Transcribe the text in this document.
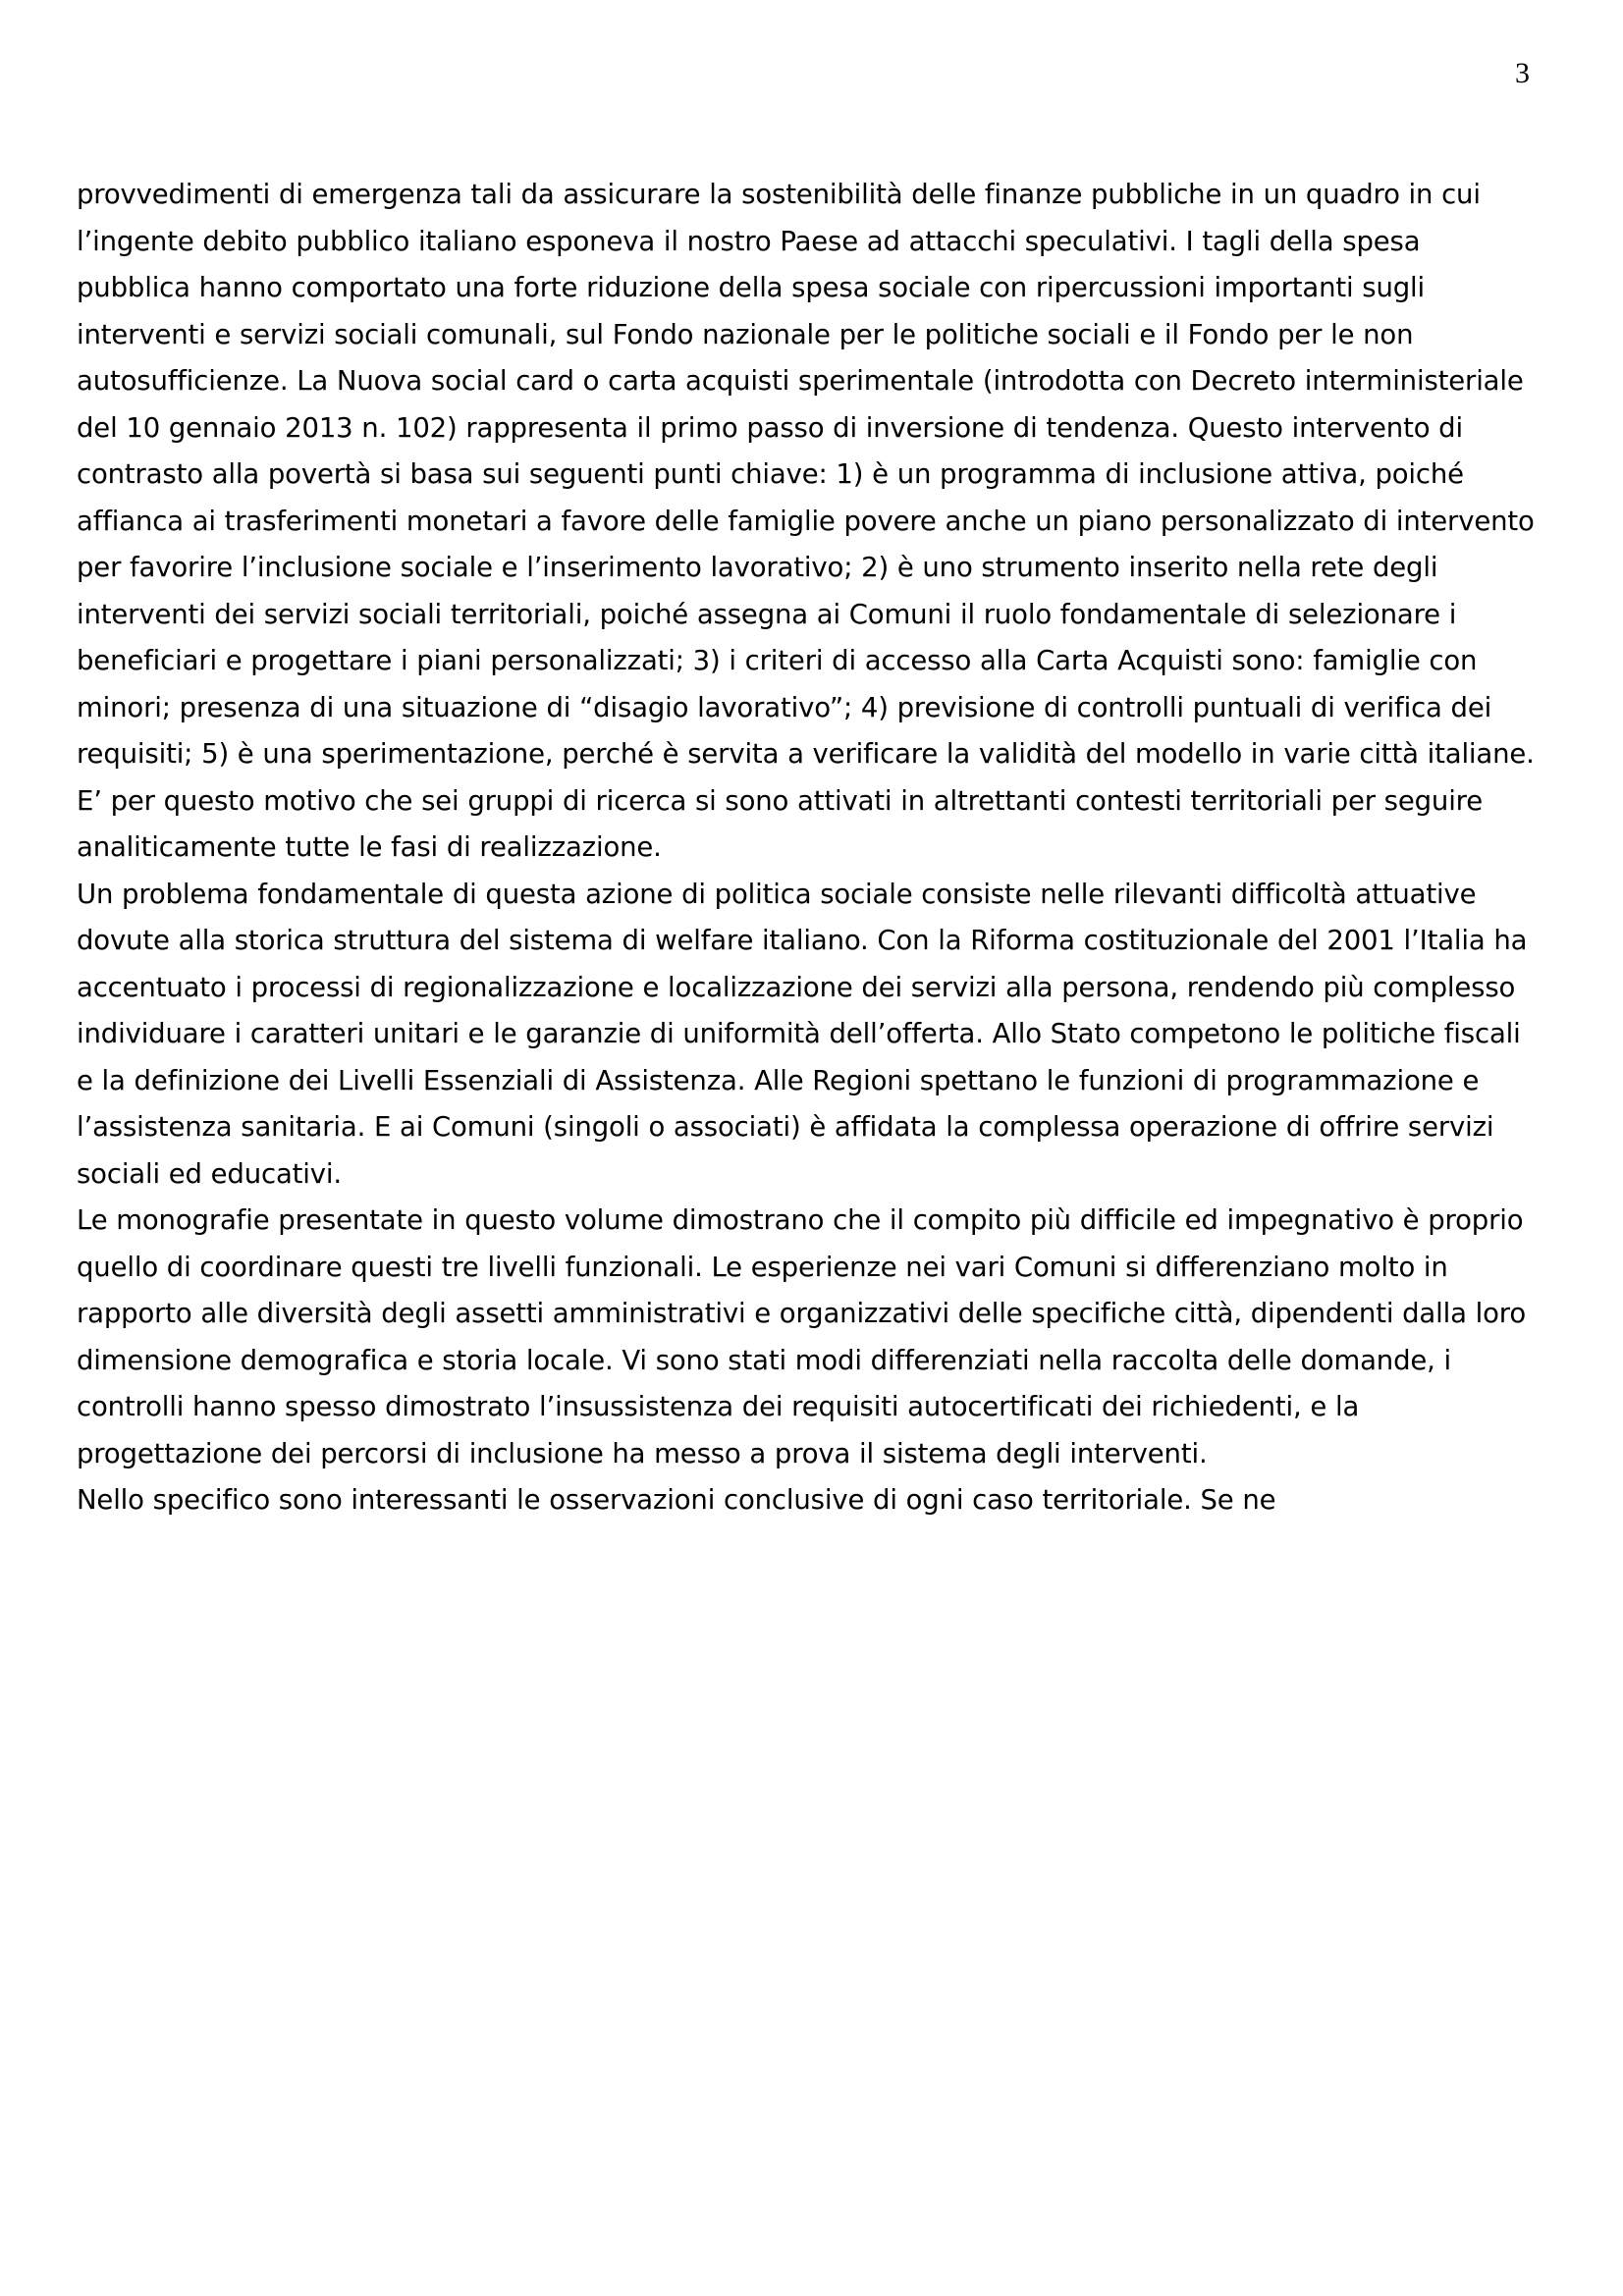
3

provvedimenti di emergenza tali da assicurare la sostenibilità delle finanze pubbliche in un quadro in cui l’ingente debito pubblico italiano esponeva il nostro Paese ad attacchi speculativi. I tagli della spesa pubblica hanno comportato una forte riduzione della spesa sociale con ripercussioni importanti sugli interventi e servizi sociali comunali, sul Fondo nazionale per le politiche sociali e il Fondo per le non autosufficienze. La Nuova social card o carta acquisti sperimentale (introdotta con Decreto interministeriale del 10 gennaio 2013 n. 102) rappresenta il primo passo di inversione di tendenza. Questo intervento di contrasto alla povertà si basa sui seguenti punti chiave: 1) è un programma di inclusione attiva, poiché affianca ai trasferimenti monetari a favore delle famiglie povere anche un piano personalizzato di intervento per favorire l’inclusione sociale e l’inserimento lavorativo; 2) è uno strumento inserito nella rete degli interventi dei servizi sociali territoriali, poiché assegna ai Comuni il ruolo fondamentale di selezionare i beneficiari e progettare i piani personalizzati; 3) i criteri di accesso alla Carta Acquisti sono: famiglie con minori; presenza di una situazione di “disagio lavorativo”; 4) previsione di controlli puntuali di verifica dei requisiti; 5) è una sperimentazione, perché è servita a verificare la validità del modello in varie città italiane. E’ per questo motivo che sei gruppi di ricerca si sono attivati in altrettanti contesti territoriali per seguire analiticamente tutte le fasi di realizzazione.

Un problema fondamentale di questa azione di politica sociale consiste nelle rilevanti difficoltà attuative dovute alla storica struttura del sistema di welfare italiano. Con la Riforma costituzionale del 2001 l’Italia ha accentuato i processi di regionalizzazione e localizzazione dei servizi alla persona, rendendo più complesso individuare i caratteri unitari e le garanzie di uniformità dell’offerta. Allo Stato competono le politiche fiscali e la definizione dei Livelli Essenziali di Assistenza. Alle Regioni spettano le funzioni di programmazione e l’assistenza sanitaria. E ai Comuni (singoli o associati) è affidata la complessa operazione di offrire servizi sociali ed educativi.

Le monografie presentate in questo volume dimostrano che il compito più difficile ed impegnativo è proprio quello di coordinare questi tre livelli funzionali. Le esperienze nei vari Comuni si differenziano molto in rapporto alle diversità degli assetti amministrativi e organizzativi delle specifiche città, dipendenti dalla loro dimensione demografica e storia locale. Vi sono stati modi differenziati nella raccolta delle domande, i controlli hanno spesso dimostrato l’insussistenza dei requisiti autocertificati dei richiedenti, e la progettazione dei percorsi di inclusione ha messo a prova il sistema degli interventi.

Nello specifico sono interessanti le osservazioni conclusive di ogni caso territoriale. Se ne
